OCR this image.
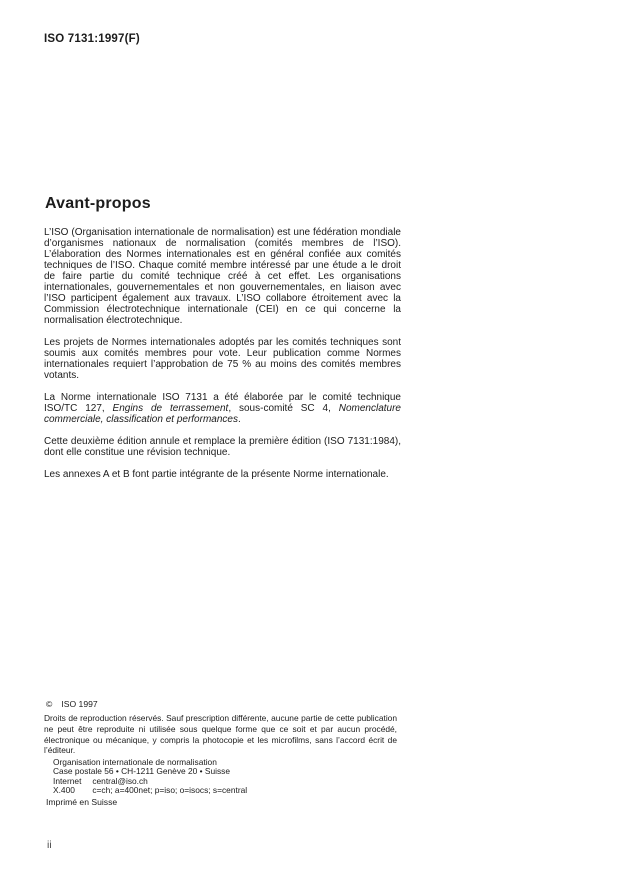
ISO 7131:1997(F)
Avant-propos

L’ISO (Organisation internationale de normalisation) est une fédération mondiale d’organismes nationaux de normalisation (comités membres de l’ISO). L’élaboration des Normes internationales est en général confiée aux comités techniques de l’ISO. Chaque comité membre intéressé par une étude a le droit de faire partie du comité technique créé à cet effet. Les organisations internationales, gouvernementales et non gouvernementales, en liaison avec l’ISO participent également aux travaux. L’ISO collabore étroitement avec la Commission électrotechnique internationale (CEI) en ce qui concerne la normalisation électrotechnique.

Les projets de Normes internationales adoptés par les comités techniques sont soumis aux comités membres pour vote. Leur publication comme Normes internationales requiert l’approbation de 75 % au moins des comités membres votants.

La Norme internationale ISO 7131 a été élaborée par le comité technique ISO/TC 127, Engins de terrassement, sous-comité SC 4, Nomenclature commerciale, classification et performances.

Cette deuxième édition annule et remplace la première édition (ISO 7131:1984), dont elle constitue une révision technique.

Les annexes A et B font partie intégrante de la présente Norme internationale.

© ISO 1997
Droits de reproduction réservés. Sauf prescription différente, aucune partie de cette publication ne peut être reproduite ni utilisée sous quelque forme que ce soit et par aucun procédé, électronique ou mécanique, y compris la photocopie et les microfilms, sans l’accord écrit de l’éditeur.
Organisation internationale de normalisation
Case postale 56 • CH-1211 Genève 20 • Suisse
Internet central@iso.ch
X.400 c=ch; a=400net; p=iso; o=isocs; s=central
Imprimé en Suisse
ii
